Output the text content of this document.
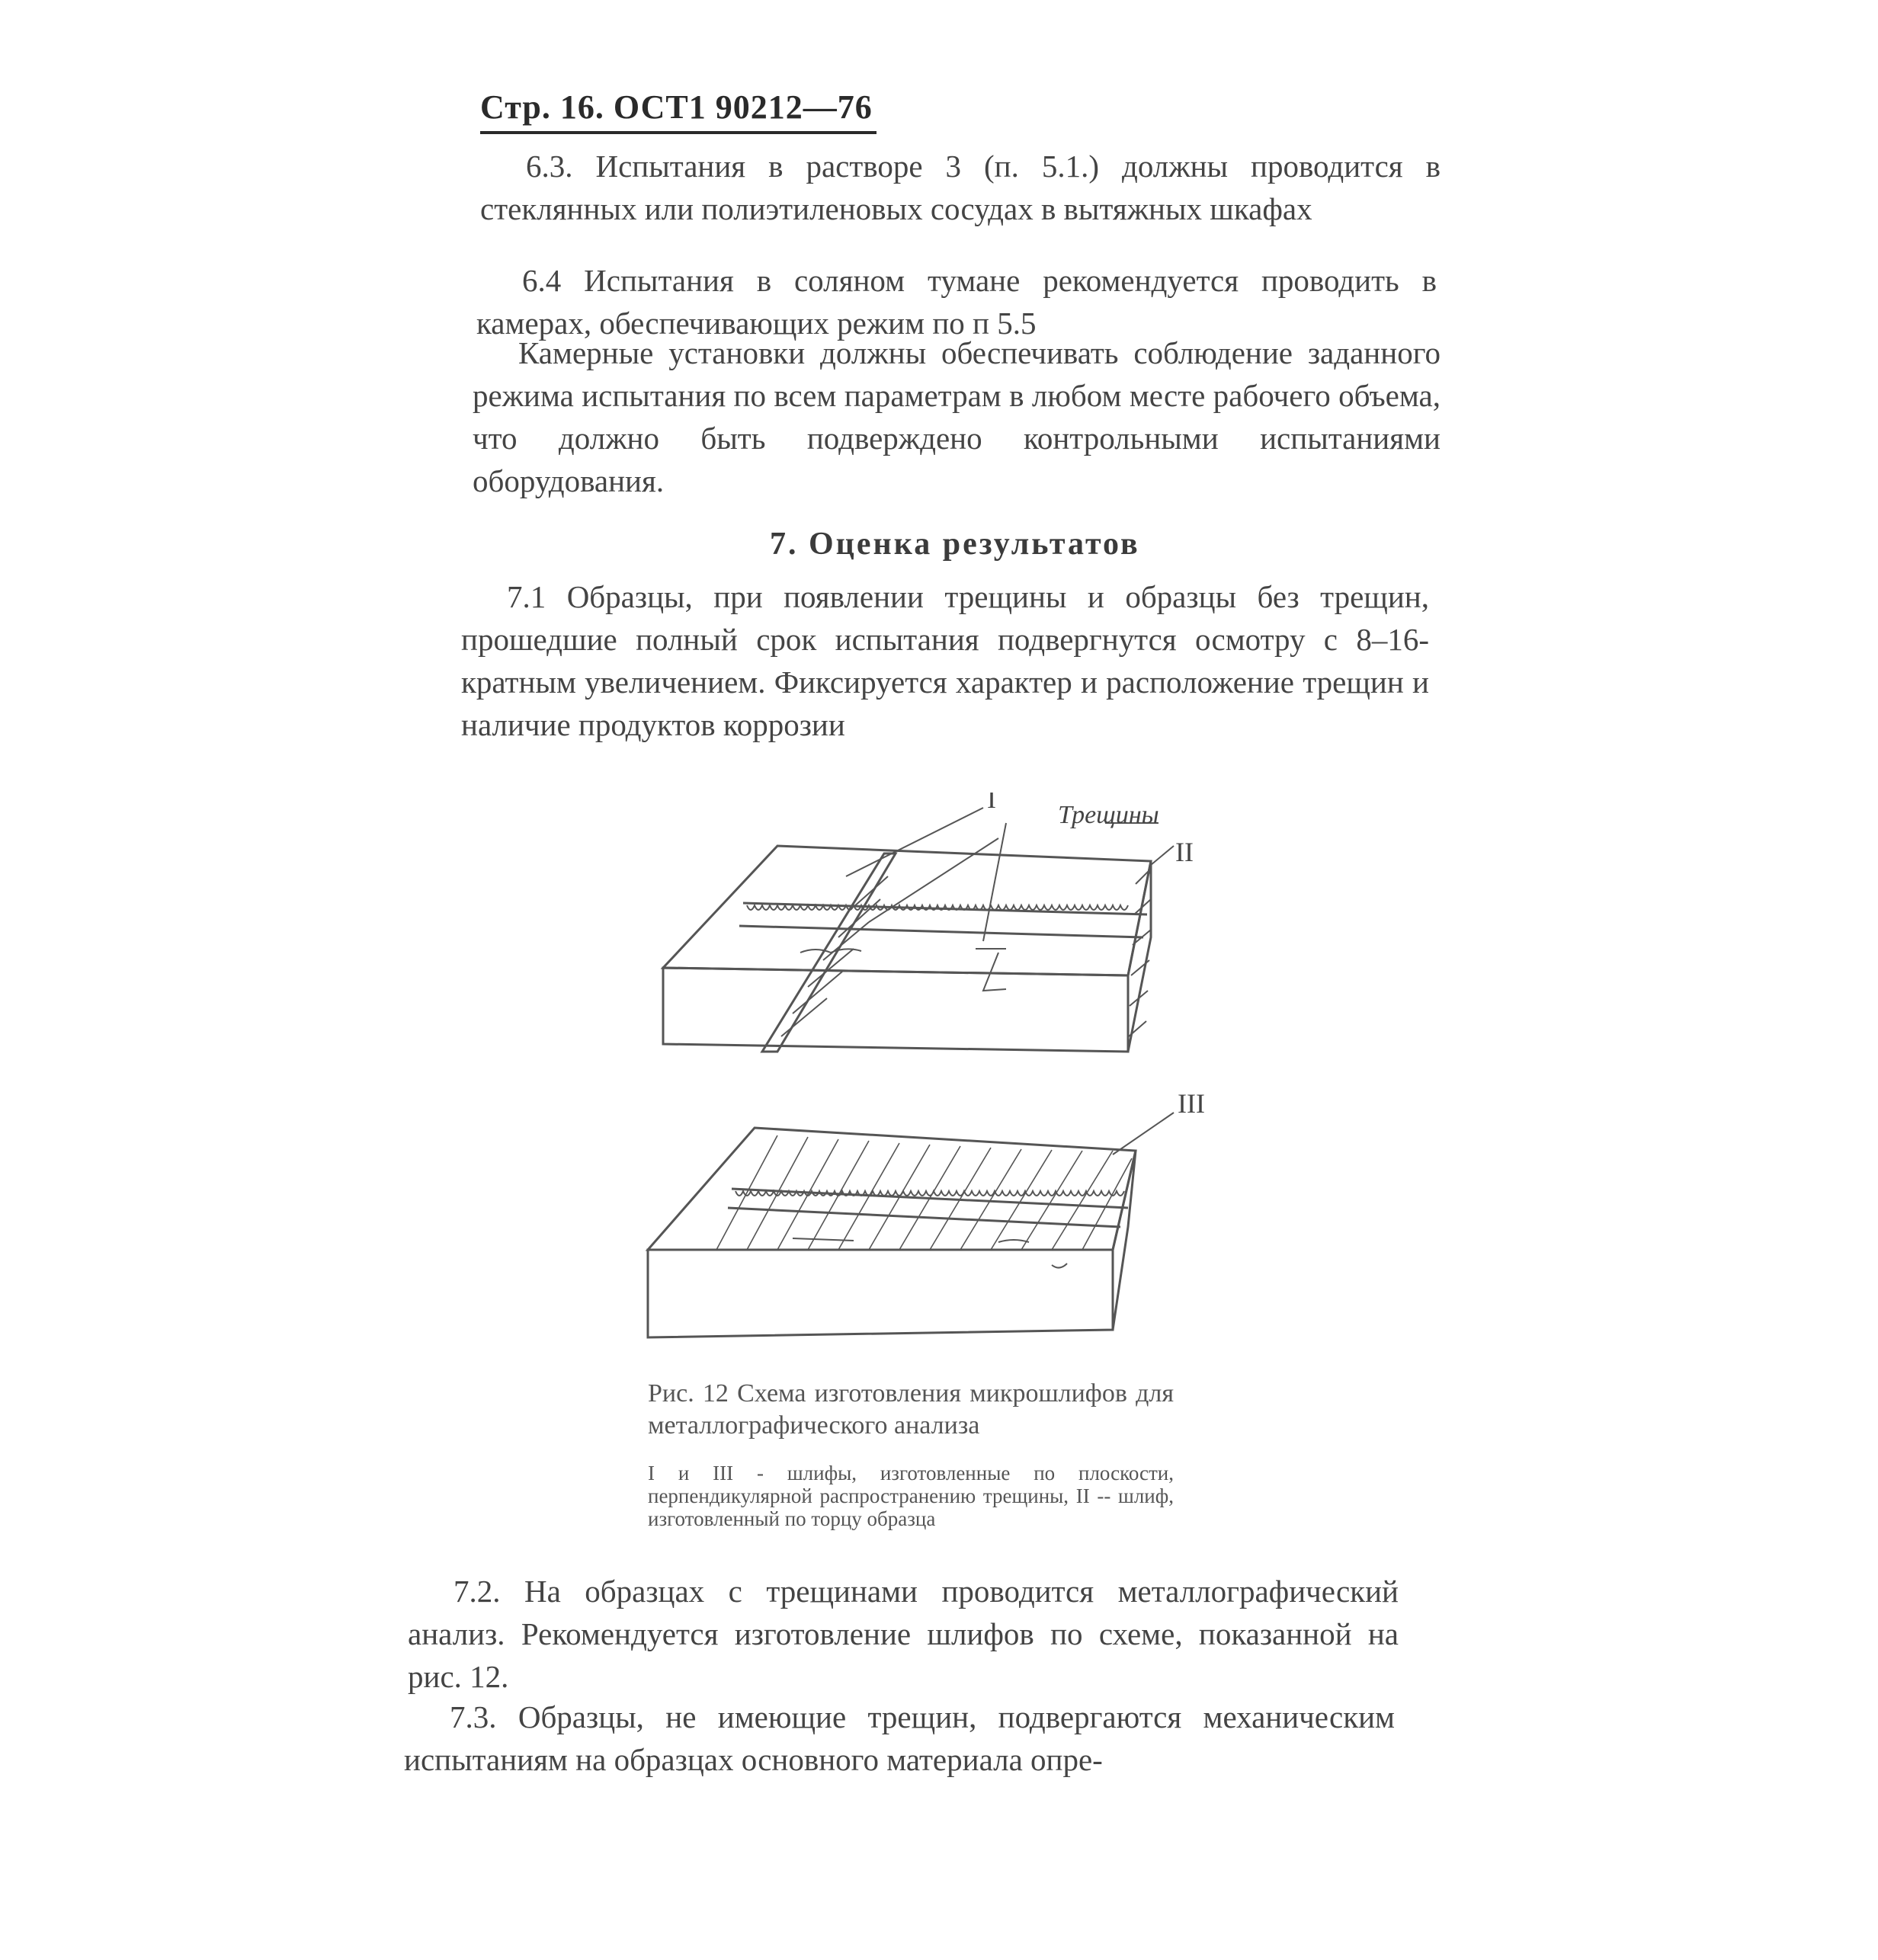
Стр. 16. ОСТ1 90212—76
6.3. Испытания в растворе 3 (п. 5.1.) должны проводится в стеклянных или полиэтиленовых сосудах в вытяжных шкафах
6.4 Испытания в соляном тумане рекомендуется проводить в камерах, обеспечивающих режим по п 5.5
Камерные установки должны обеспечивать соблюдение заданного режима испытания по всем параметрам в любом месте рабочего объема, что должно быть подверждено контрольными испытаниями оборудования.
7. Оценка результатов
7.1 Образцы, при появлении трещины и образцы без трещин, прошедшие полный срок испытания подвергнутся осмотру с 8–16-кратным увеличением. Фиксируется характер и расположение трещин и наличие продуктов коррозии
I
Трещины
II
III
Рис. 12 Схема изготовления микрошлифов для металлографического анализа
I и III - шлифы, изготовленные по плоскости, перпендикулярной распространению трещины, II -- шлиф, изготовленный по торцу образца
7.2. На образцах с трещинами проводится металлографический анализ. Рекомендуется изготовление шлифов по схеме, показанной на рис. 12.
7.3. Образцы, не имеющие трещин, подвергаются механическим испытаниям на образцах основного материала опре-
